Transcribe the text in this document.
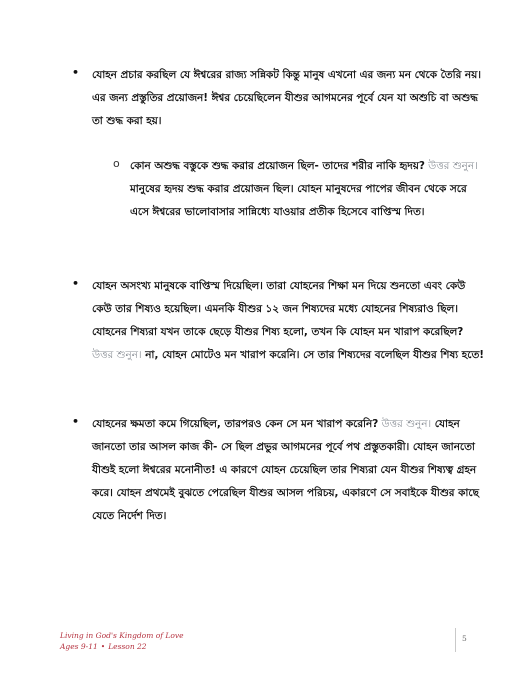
• যোহন প্রচার করছিল যে ঈশ্বরের রাজ্য সন্নিকট কিন্তু মানুষ এখনো এর জন্য মন থেকে তৈরি নয়। এর জন্য প্রস্তুতির প্রয়োজন! ঈশ্বর চেয়েছিলেন যীশুর আগমনের পূর্বে যেন যা অশুচি বা অশুদ্ধ তা শুদ্ধ করা হয়।
o কোন অশুদ্ধ বস্তুকে শুদ্ধ করার প্রয়োজন ছিল- তাদের শরীর নাকি হৃদয়? উত্তর শুনুন। মানুষের হৃদয় শুদ্ধ করার প্রয়োজন ছিল। যোহন মানুষদের পাপের জীবন থেকে সরে এসে ঈশ্বরের ভালোবাসার সান্নিধ্যে যাওয়ার প্রতীক হিসেবে বাপ্তিস্ম দিত।
• যোহন অসংখ্য মানুষকে বাপ্তিস্ম দিয়েছিল। তারা যোহনের শিক্ষা মন দিয়ে শুনতো এবং কেউ কেউ তার শিষ্যও হয়েছিল। এমনকি যীশুর ১২ জন শিষ্যদের মধ্যে যোহনের শিষ্যরাও ছিল। যোহনের শিষ্যরা যখন তাকে ছেড়ে যীশুর শিষ্য হলো, তখন কি যোহন মন খারাপ করেছিল? উত্তর শুনুন। না, যোহন মোটেও মন খারাপ করেনি। সে তার শিষ্যদের বলেছিল যীশুর শিষ্য হতে!
• যোহনের ক্ষমতা কমে গিয়েছিল, তারপরও কেন সে মন খারাপ করেনি? উত্তর শুনুন। যোহন জানতো তার আসল কাজ কী- সে ছিল প্রভুর আগমনের পূর্বে পথ প্রস্তুতকারী। যোহন জানতো যীশুই হলো ঈশ্বরের মনোনীত! এ কারণে যোহন চেয়েছিল তার শিষ্যরা যেন যীশুর শিষ্যত্ব গ্রহন করে। যোহন প্রথমেই বুঝতে পেরেছিল যীশুর আসল পরিচয়, একারণে সে সবাইকে যীশুর কাছে যেতে নির্দেশ দিত।
Living in God's Kingdom of Love
Ages 9-11 • Lesson 22
5
